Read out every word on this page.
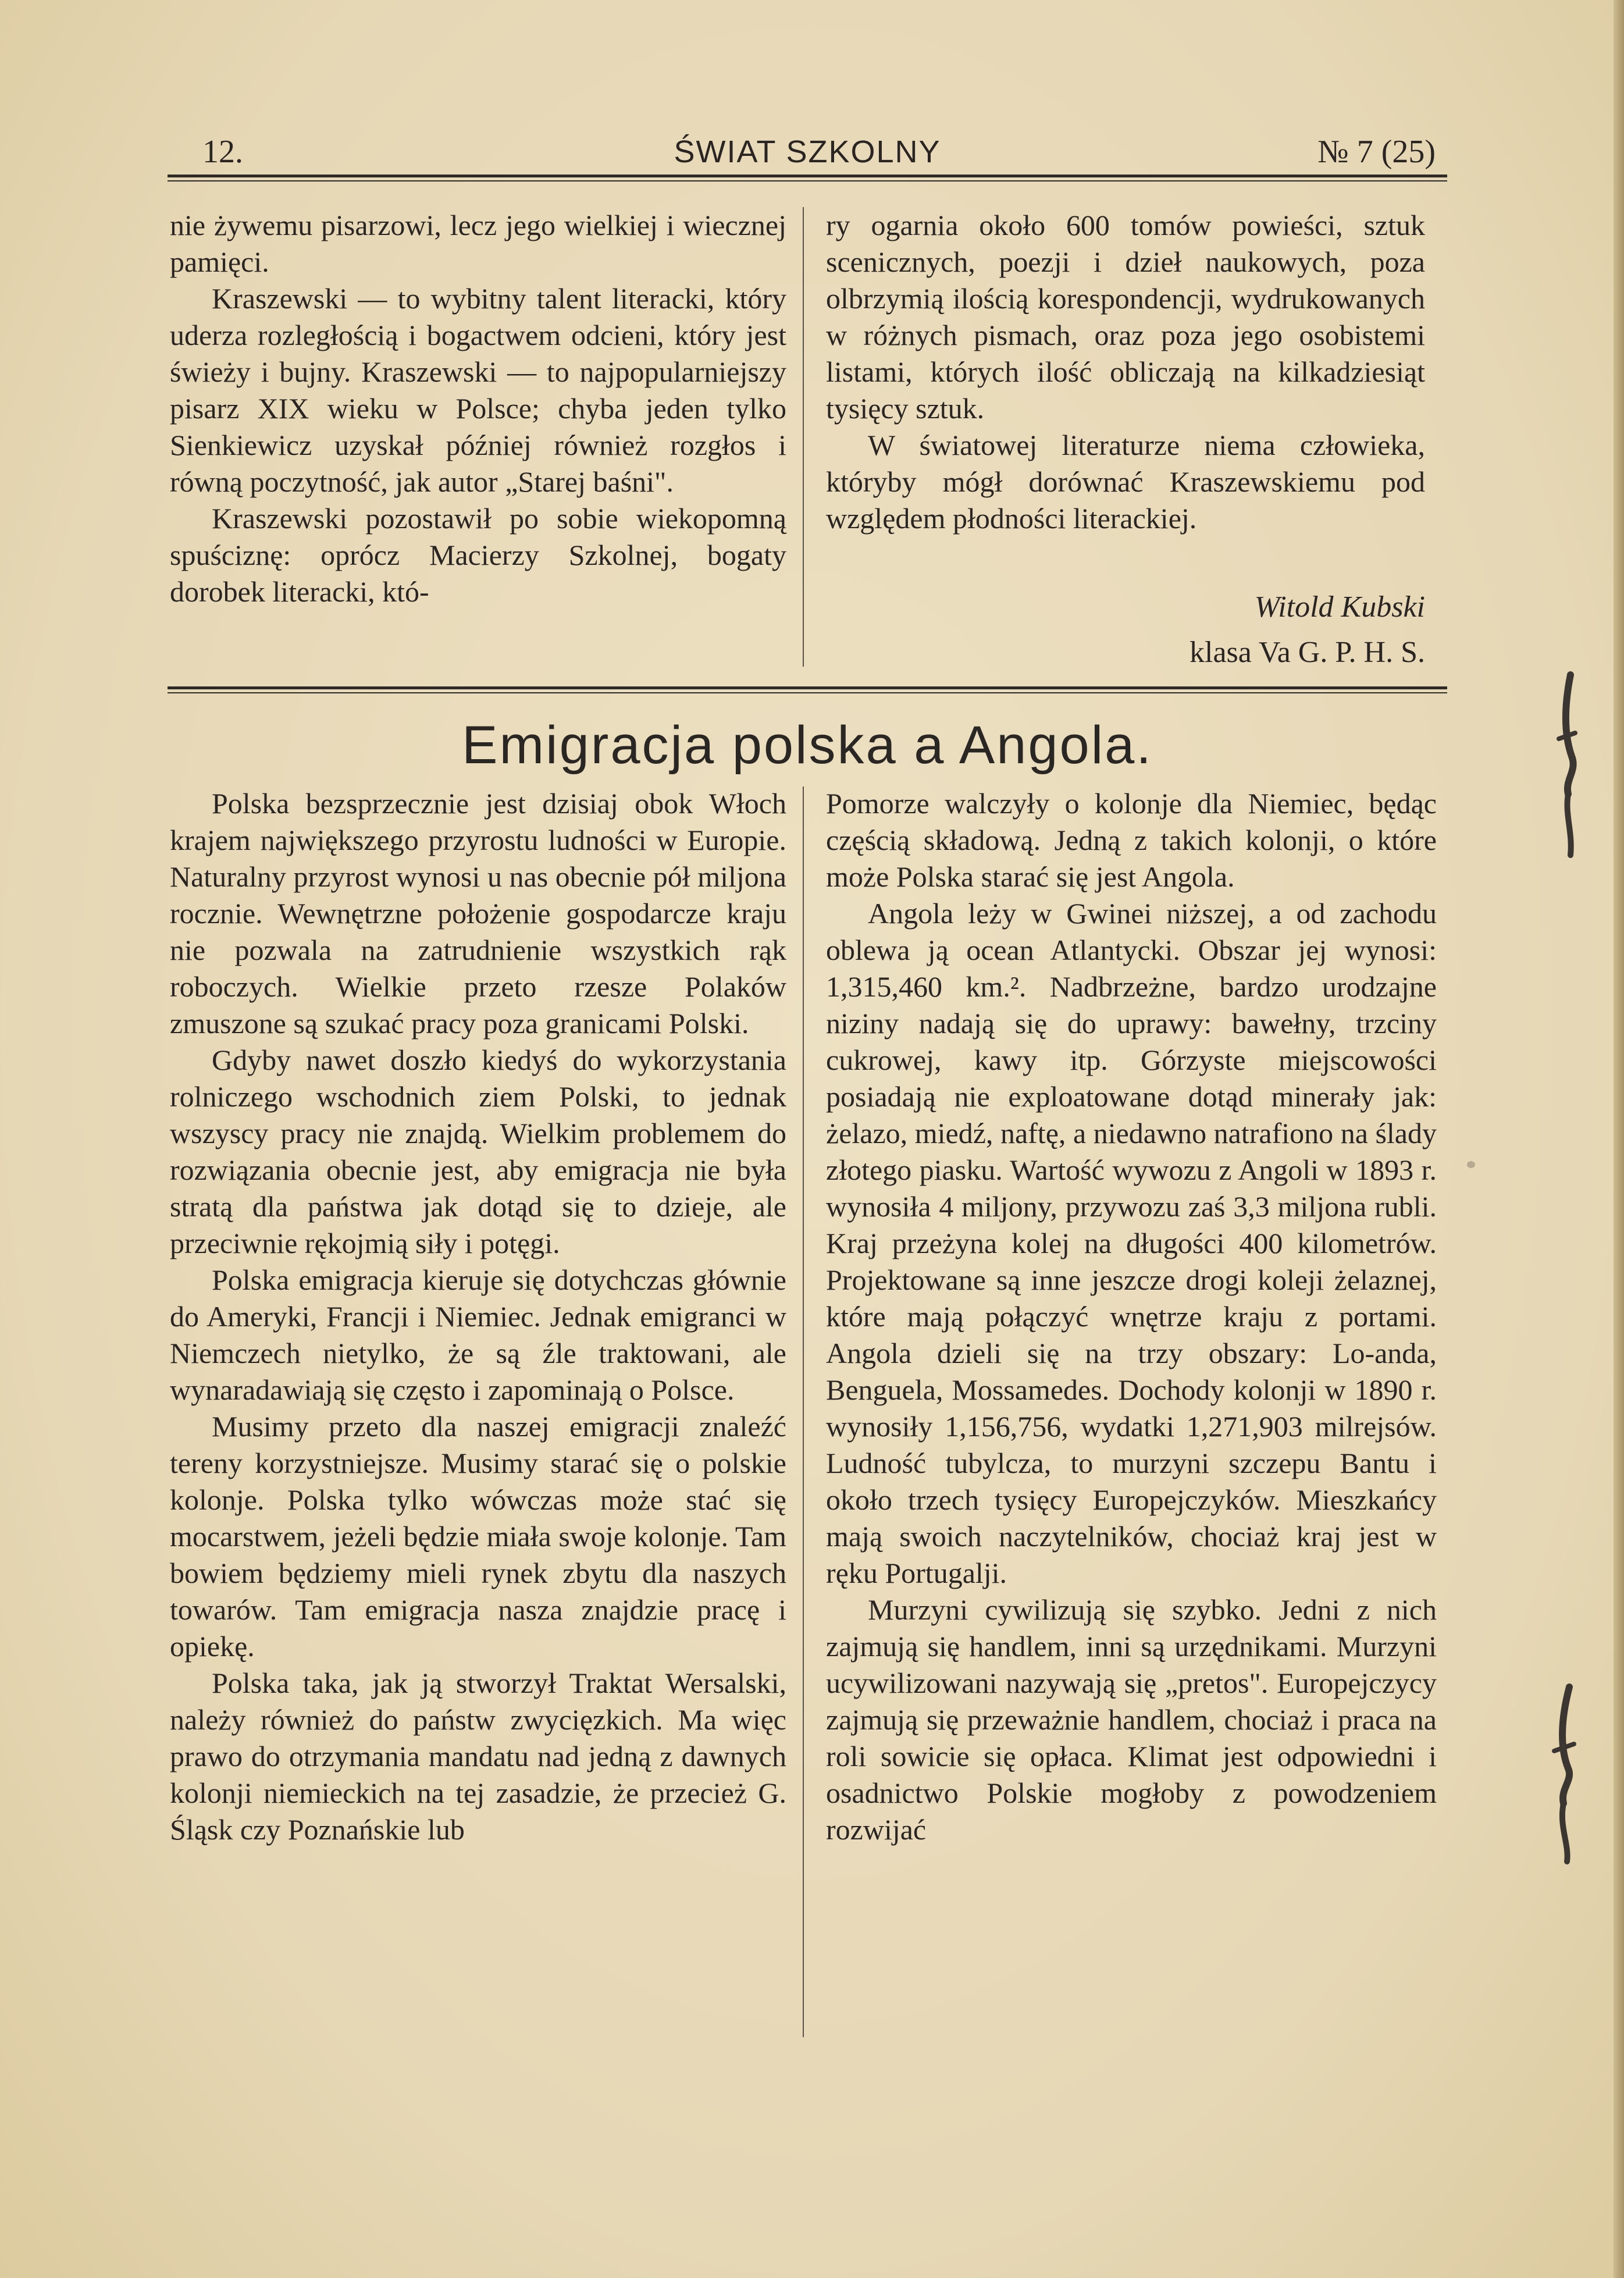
12.	ŚWIAT SZKOLNY	№ 7 (25)

nie żywemu pisarzowi, lecz jego wielkiej i wiecznej pamięci.

Kraszewski — to wybitny talent literacki, który uderza rozległością i bogactwem odcieni, który jest świeży i bujny. Kraszewski — to najpopularniejszy pisarz XIX wieku w Polsce; chyba jeden tylko Sienkiewicz uzyskał później również rozgłos i równą poczytność, jak autor „Starej baśni".

Kraszewski pozostawił po sobie wiekopomną spuściznę: oprócz Macierzy Szkolnej, bogaty dorobek literacki, któ-

ry ogarnia około 600 tomów powieści, sztuk scenicznych, poezji i dzieł naukowych, poza olbrzymią ilością korespondencji, wydrukowanych w różnych pismach, oraz poza jego osobistemi listami, których ilość obliczają na kilkadziesiąt tysięcy sztuk.

W światowej literaturze niema człowieka, któryby mógł dorównać Kraszewskiemu pod względem płodności literackiej.

Witold Kubski
klasa Va G. P. H. S.
Emigracja polska a Angola.

Polska bezsprzecznie jest dzisiaj obok Włoch krajem największego przyrostu ludności w Europie. Naturalny przyrost wynosi u nas obecnie pół miljona rocznie. Wewnętrzne położenie gospodarcze kraju nie pozwala na zatrudnienie wszystkich rąk roboczych. Wielkie przeto rzesze Polaków zmuszone są szukać pracy poza granicami Polski.

Gdyby nawet doszło kiedyś do wykorzystania rolniczego wschodnich ziem Polski, to jednak wszyscy pracy nie znajdą. Wielkim problemem do rozwiązania obecnie jest, aby emigracja nie była stratą dla państwa jak dotąd się to dzieje, ale przeciwnie rękojmią siły i potęgi.

Polska emigracja kieruje się dotychczas głównie do Ameryki, Francji i Niemiec. Jednak emigranci w Niemczech nietylko, że są źle traktowani, ale wynaradawiają się często i zapominają o Polsce.

Musimy przeto dla naszej emigracji znaleźć tereny korzystniejsze. Musimy starać się o polskie kolonje. Polska tylko wówczas może stać się mocarstwem, jeżeli będzie miała swoje kolonje. Tam bowiem będziemy mieli rynek zbytu dla naszych towarów. Tam emigracja nasza znajdzie pracę i opiekę.

Polska taka, jak ją stworzył Traktat Wersalski, należy również do państw zwycięzkich. Ma więc prawo do otrzymania mandatu nad jedną z dawnych kolonji niemieckich na tej zasadzie, że przecież G. Śląsk czy Poznańskie lub

Pomorze walczyły o kolonje dla Niemiec, będąc częścią składową. Jedną z takich kolonji, o które może Polska starać się jest Angola.

Angola leży w Gwinei niższej, a od zachodu oblewa ją ocean Atlantycki. Obszar jej wynosi: 1,315,460 km.². Nadbrzeżne, bardzo urodzajne niziny nadają się do uprawy: bawełny, trzciny cukrowej, kawy itp. Górzyste miejscowości posiadają nie exploatowane dotąd minerały jak: żelazo, miedź, naftę, a niedawno natrafiono na ślady złotego piasku. Wartość wywozu z Angoli w 1893 r. wynosiła 4 miljony, przywozu zaś 3,3 miljona rubli. Kraj przeżyna kolej na długości 400 kilometrów. Projektowane są inne jeszcze drogi koleji żelaznej, które mają połączyć wnętrze kraju z portami. Angola dzieli się na trzy obszary: Lo-anda, Benguela, Mossamedes. Dochody kolonji w 1890 r. wynosiły 1,156,756, wydatki 1,271,903 milrejsów. Ludność tubylcza, to murzyni szczepu Bantu i około trzech tysięcy Europejczyków. Mieszkańcy mają swoich naczytelników, chociaż kraj jest w ręku Portugalji.

Murzyni cywilizują się szybko. Jedni z nich zajmują się handlem, inni są urzędnikami. Murzyni ucywilizowani nazywają się „pretos". Europejczycy zajmują się przeważnie handlem, chociaż i praca na roli sowicie się opłaca. Klimat jest odpowiedni i osadnictwo Polskie mogłoby z powodzeniem rozwijać
